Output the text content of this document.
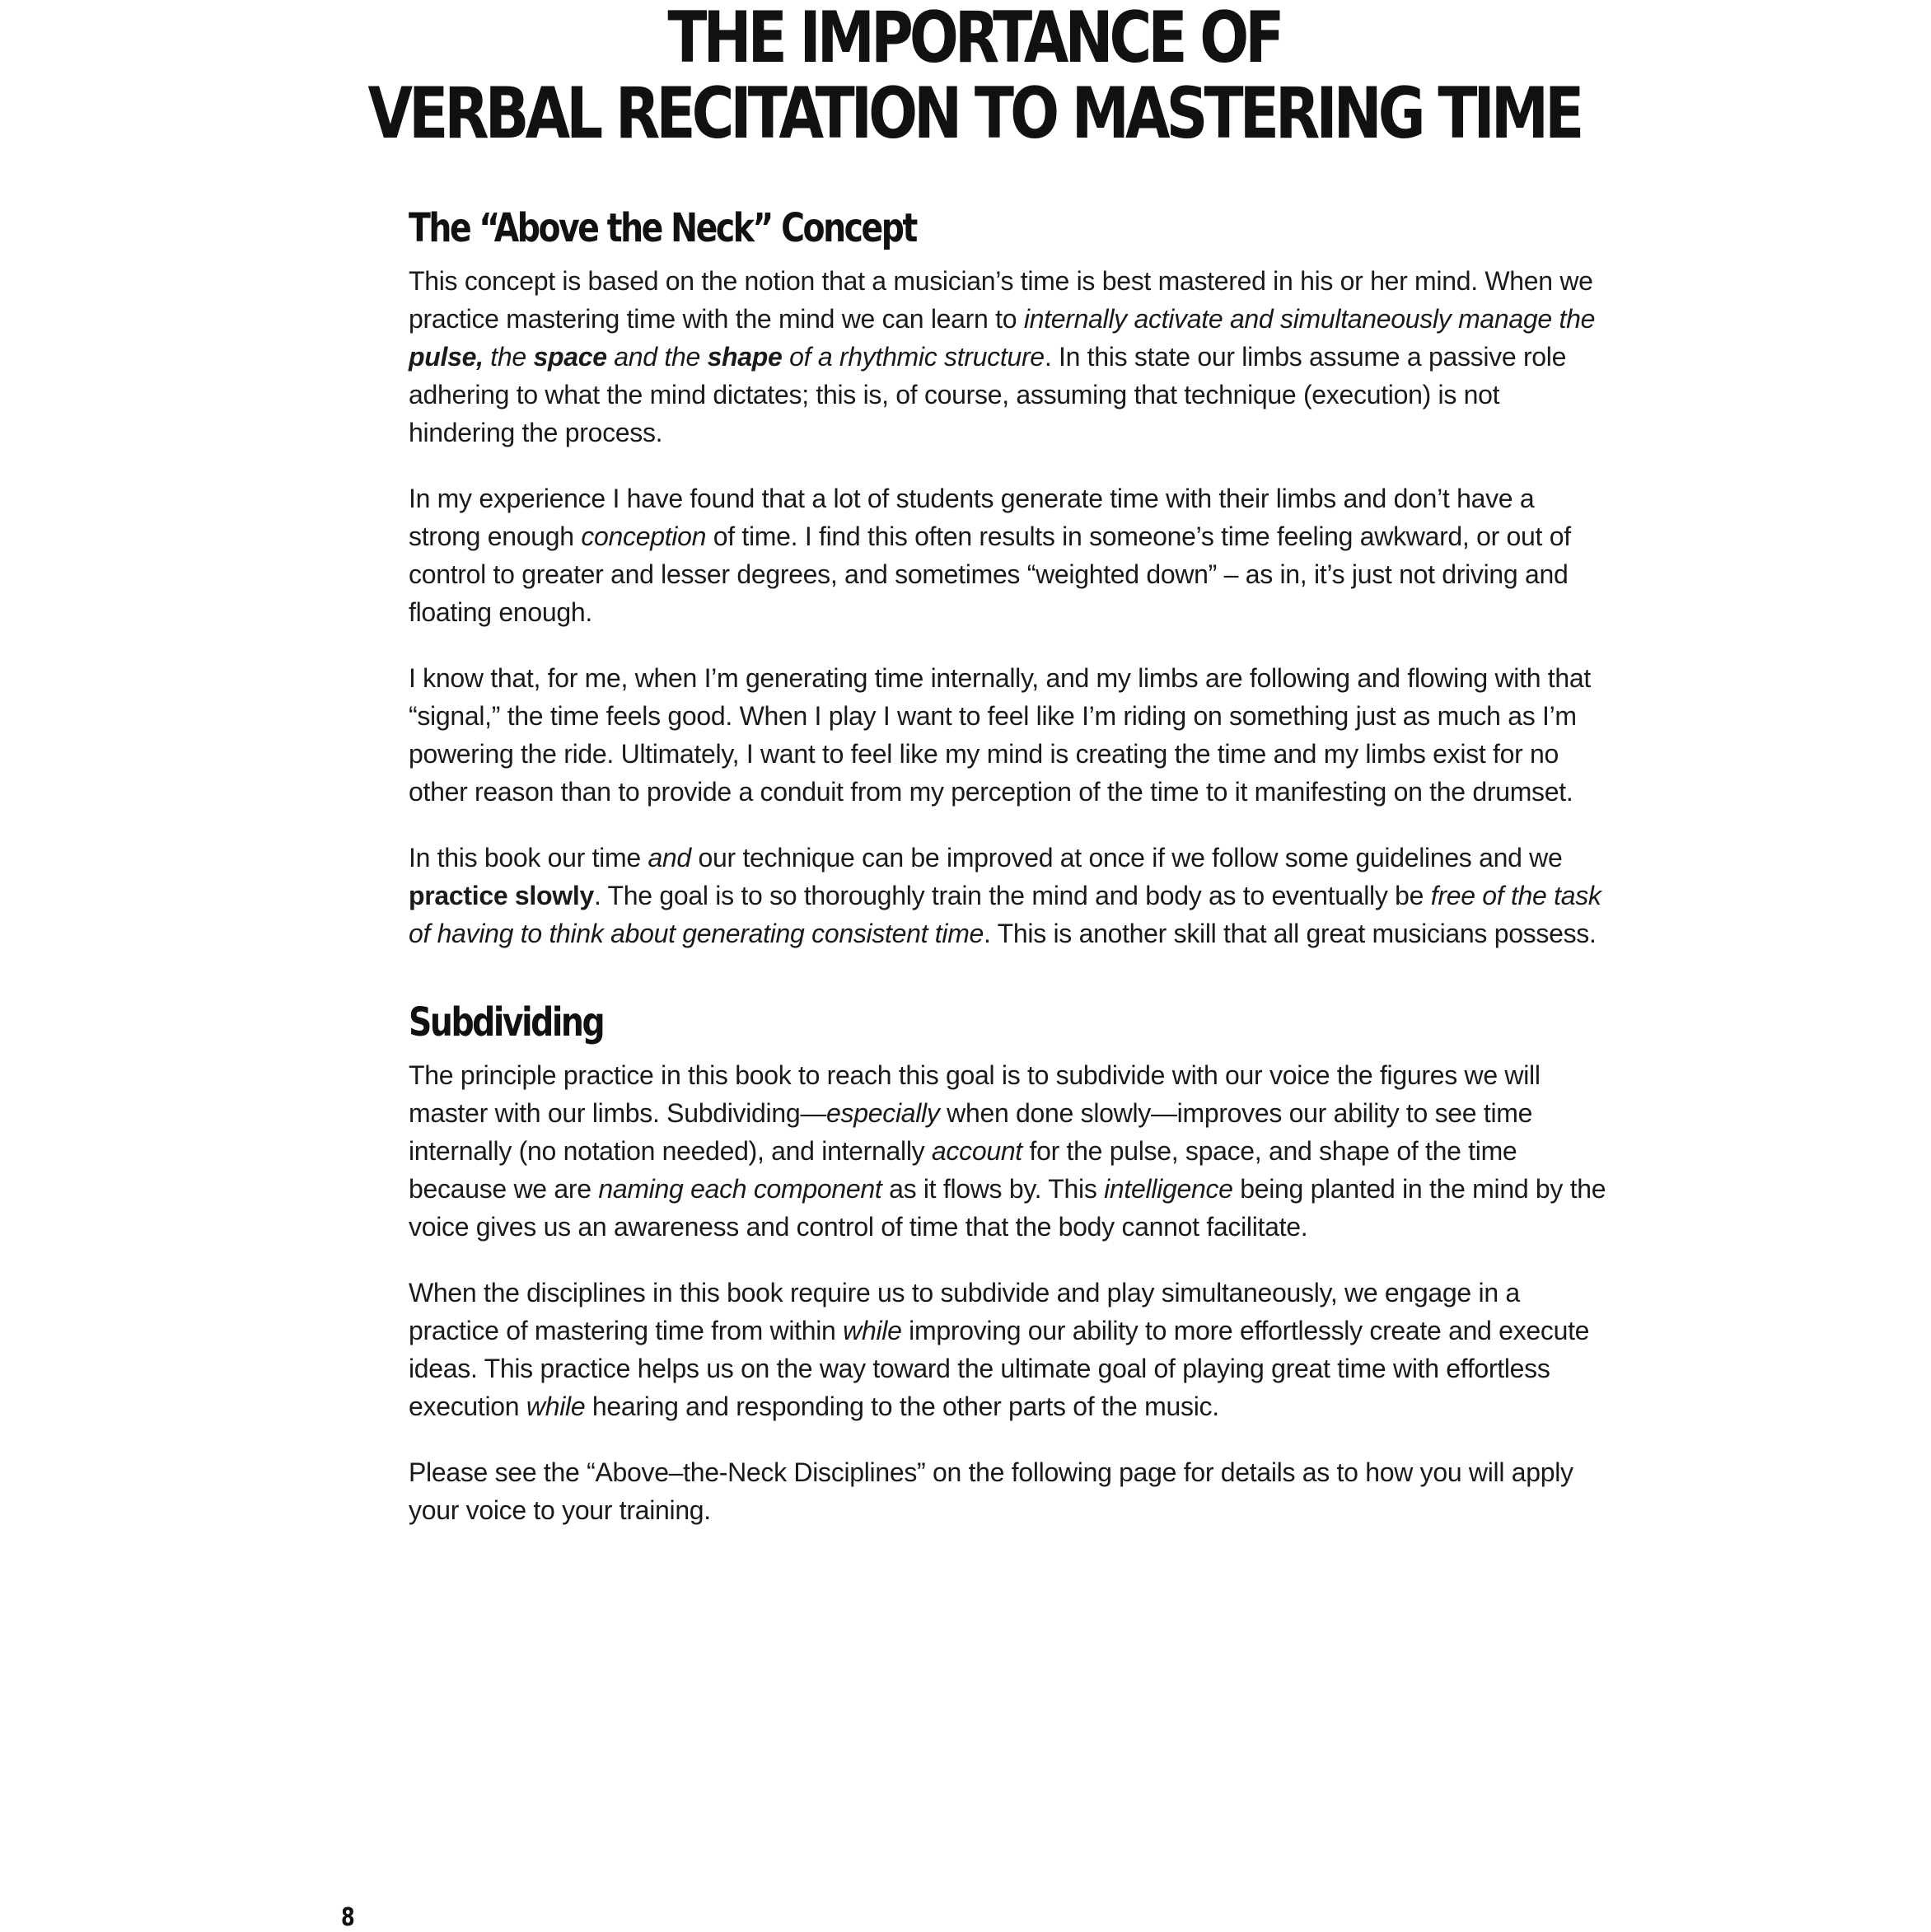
THE IMPORTANCE OF
VERBAL RECITATION TO MASTERING TIME
The “Above the Neck” Concept

This concept is based on the notion that a musician’s time is best mastered in his or her mind. When we practice mastering time with the mind we can learn to internally activate and simultaneously manage the pulse, the space and the shape of a rhythmic structure. In this state our limbs assume a passive role adhering to what the mind dictates; this is, of course, assuming that technique (execution) is not hindering the process.

In my experience I have found that a lot of students generate time with their limbs and don’t have a strong enough conception of time. I find this often results in someone’s time feeling awkward, or out of control to greater and lesser degrees, and sometimes “weighted down” – as in, it’s just not driving and floating enough.

I know that, for me, when I’m generating time internally, and my limbs are following and flowing with that “signal,” the time feels good. When I play I want to feel like I’m riding on something just as much as I’m powering the ride. Ultimately, I want to feel like my mind is creating the time and my limbs exist for no other reason than to provide a conduit from my perception of the time to it manifesting on the drumset.

In this book our time and our technique can be improved at once if we follow some guidelines and we practice slowly. The goal is to so thoroughly train the mind and body as to eventually be free of the task of having to think about generating consistent time. This is another skill that all great musicians possess.

Subdividing

The principle practice in this book to reach this goal is to subdivide with our voice the figures we will master with our limbs. Subdividing—especially when done slowly—improves our ability to see time internally (no notation needed), and internally account for the pulse, space, and shape of the time because we are naming each component as it flows by. This intelligence being planted in the mind by the voice gives us an awareness and control of time that the body cannot facilitate.

When the disciplines in this book require us to subdivide and play simultaneously, we engage in a practice of mastering time from within while improving our ability to more effortlessly create and execute ideas. This practice helps us on the way toward the ultimate goal of playing great time with effortless execution while hearing and responding to the other parts of the music.

Please see the “Above–the-Neck Disciplines” on the following page for details as to how you will apply your voice to your training.

8
